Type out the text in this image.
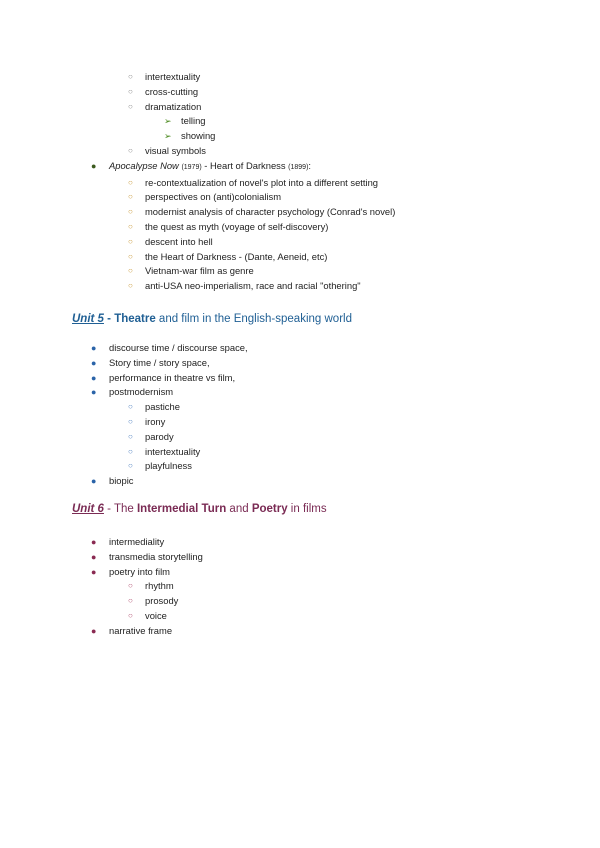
○ intertextuality
○ cross-cutting
○ dramatization
➢ telling
➢ showing
○ visual symbols
● Apocalypse Now (1979) - Heart of Darkness (1899):
○ re-contextualization of novel's plot into a different setting
○ perspectives on (anti)colonialism
○ modernist analysis of character psychology (Conrad's novel)
○ the quest as myth (voyage of self-discovery)
○ descent into hell
○ the Heart of Darkness - (Dante, Aeneid, etc)
○ Vietnam-war film as genre
○ anti-USA neo-imperialism, race and racial "othering"
Unit 5 - Theatre and film in the English-speaking world
● discourse time / discourse space,
● Story time / story space,
● performance in theatre vs film,
● postmodernism
○ pastiche
○ irony
○ parody
○ intertextuality
○ playfulness
● biopic
Unit 6 - The Intermedial Turn and Poetry in films
● intermediality
● transmedia storytelling
● poetry into film
○ rhythm
○ prosody
○ voice
● narrative frame
